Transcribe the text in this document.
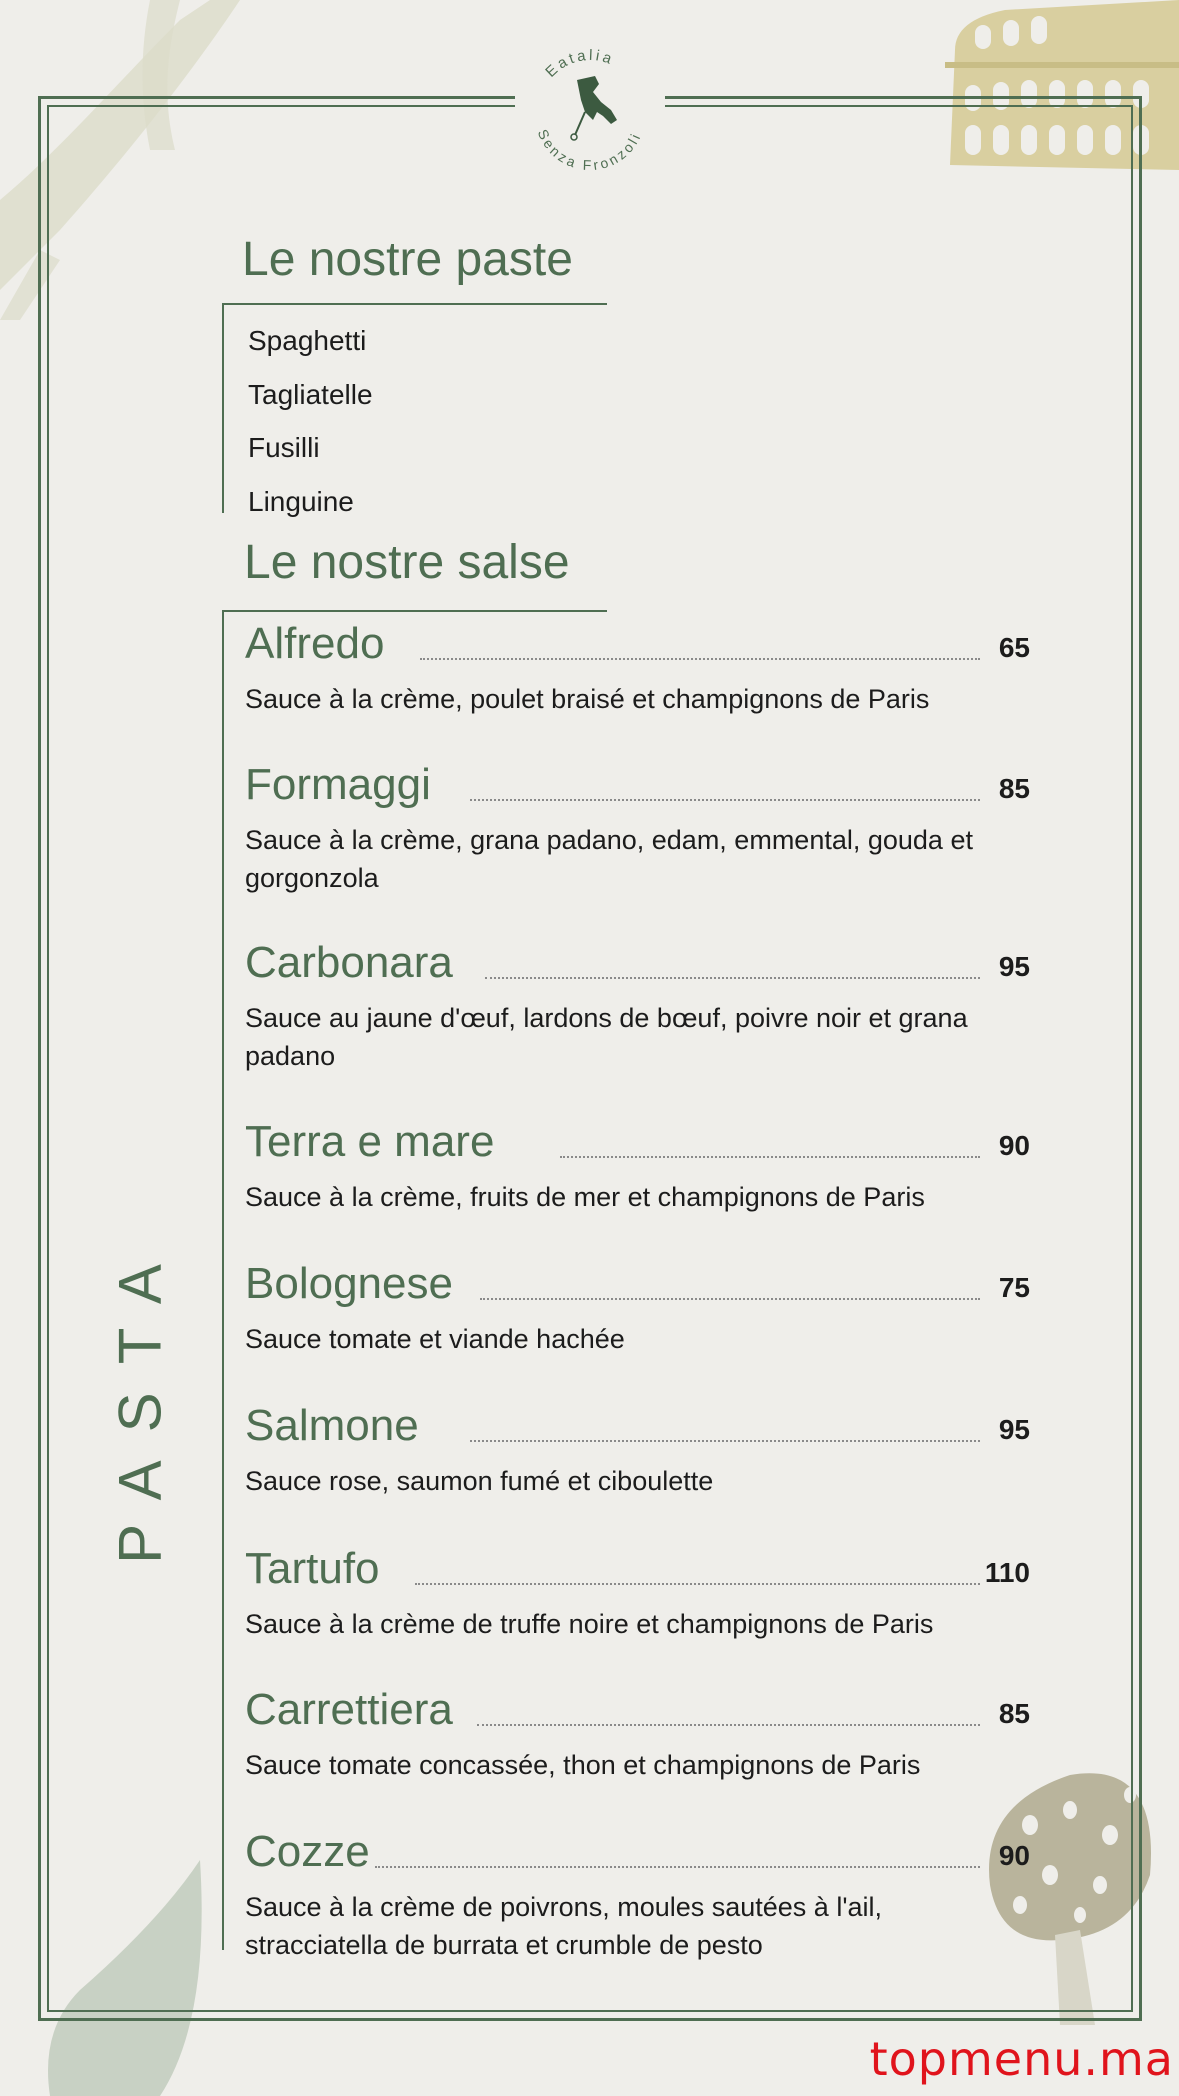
Eatalia
Senza Fronzoli
Le nostre paste
Spaghetti
Tagliatelle
Fusilli
Linguine
Le nostre salse
PASTA
Alfredo	65
Sauce à la crème, poulet braisé et champignons de Paris
Formaggi	85
Sauce à la crème, grana padano, edam, emmental, gouda et gorgonzola
Carbonara	95
Sauce au jaune d'œuf, lardons de bœuf, poivre noir et grana padano
Terra e mare	90
Sauce à la crème, fruits de mer et champignons de Paris
Bolognese	75
Sauce tomate et viande hachée
Salmone	95
Sauce rose, saumon fumé et ciboulette
Tartufo	110
Sauce à la crème de truffe noire et champignons de Paris
Carrettiera	85
Sauce tomate concassée, thon et champignons de Paris
Cozze	90
Sauce à la crème de poivrons, moules sautées à l'ail, stracciatella de burrata et crumble de pesto
topmenu.ma
